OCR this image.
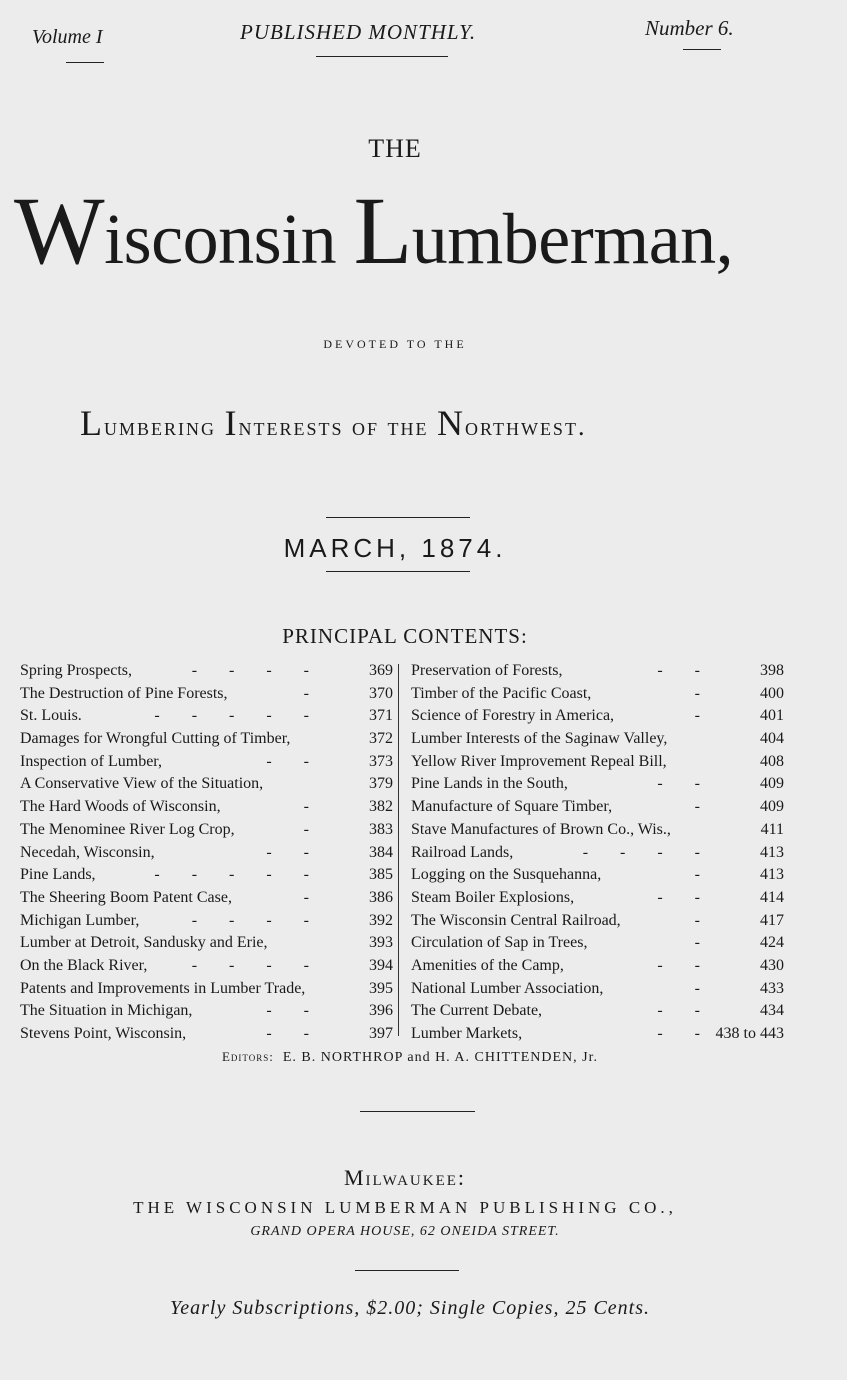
Volume I	PUBLISHED MONTHLY.	Number 6.
THE
Wisconsin Lumberman,
DEVOTED TO THE
Lumbering Interests of the Northwest.
MARCH, 1874.
PRINCIPAL CONTENTS:
Spring Prospects,	- - - -	369
The Destruction of Pine Forests,	-	370
St. Louis.	- - - - -	371
Damages for Wrongful Cutting of Timber,	372
Inspection of Lumber,	- -	373
A Conservative View of the Situation,	379
The Hard Woods of Wisconsin,	-	382
The Menominee River Log Crop,	-	383
Necedah, Wisconsin,	- -	384
Pine Lands,	- - - - -	385
The Sheering Boom Patent Case,	-	386
Michigan Lumber,	- - - -	392
Lumber at Detroit, Sandusky and Erie,	393
On the Black River,	- - - -	394
Patents and Improvements in Lumber Trade,	395
The Situation in Michigan,	- -	396
Stevens Point, Wisconsin,	- -	397
Preservation of Forests,	- -	398
Timber of the Pacific Coast,	-	400
Science of Forestry in America,	-	401
Lumber Interests of the Saginaw Valley,	404
Yellow River Improvement Repeal Bill,	408
Pine Lands in the South,	- -	409
Manufacture of Square Timber,	-	409
Stave Manufactures of Brown Co., Wis.,	411
Railroad Lands,	- - - -	413
Logging on the Susquehanna,	-	413
Steam Boiler Explosions,	- -	414
The Wisconsin Central Railroad,	-	417
Circulation of Sap in Trees,	-	424
Amenities of the Camp,	- -	430
National Lumber Association,	-	433
The Current Debate,	- -	434
Lumber Markets,	- - 438 to 443
Editors: E. B. NORTHROP and H. A. CHITTENDEN, Jr.
Milwaukee:
THE WISCONSIN LUMBERMAN PUBLISHING CO.,
GRAND OPERA HOUSE, 62 ONEIDA STREET.
Yearly Subscriptions, $2.00; Single Copies, 25 Cents.
